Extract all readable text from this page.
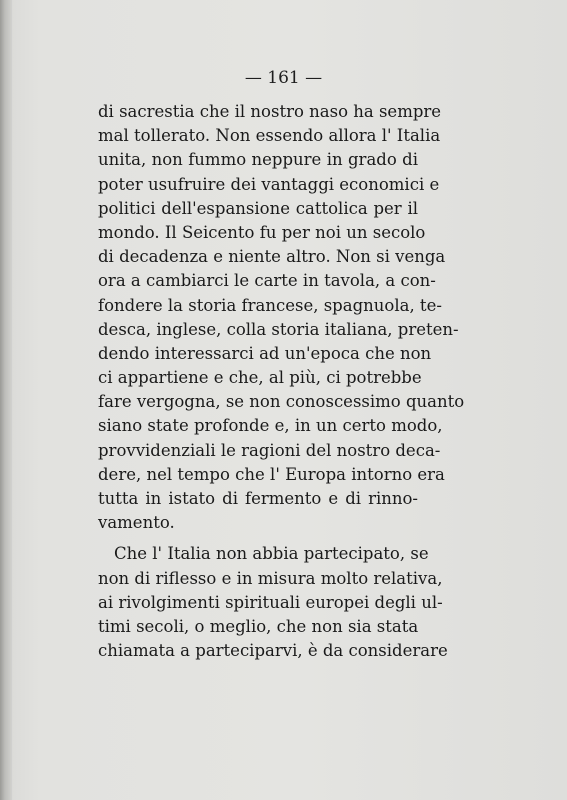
— 161 —
di sacrestia che il nostro naso ha sempre
mal tollerato. Non essendo allora l' Italia
unita, non fummo neppure in grado di
poter usufruire dei vantaggi economici e
politici dell'espansione cattolica per il
mondo. Il Seicento fu per noi un secolo
di decadenza e niente altro. Non si venga
ora a cambiarci le carte in tavola, a con-
fondere la storia francese, spagnuola, te-
desca, inglese, colla storia italiana, preten-
dendo interessarci ad un'epoca che non
ci appartiene e che, al più, ci potrebbe
fare vergogna, se non conoscessimo quanto
siano state profonde e, in un certo modo,
provvidenziali le ragioni del nostro deca-
dere, nel tempo che l' Europa intorno era
tutta in istato di fermento e di rinno-
vamento.
Che l' Italia non abbia partecipato, se
non di riflesso e in misura molto relativa,
ai rivolgimenti spirituali europei degli ul-
timi secoli, o meglio, che non sia stata
chiamata a parteciparvi, è da considerare
